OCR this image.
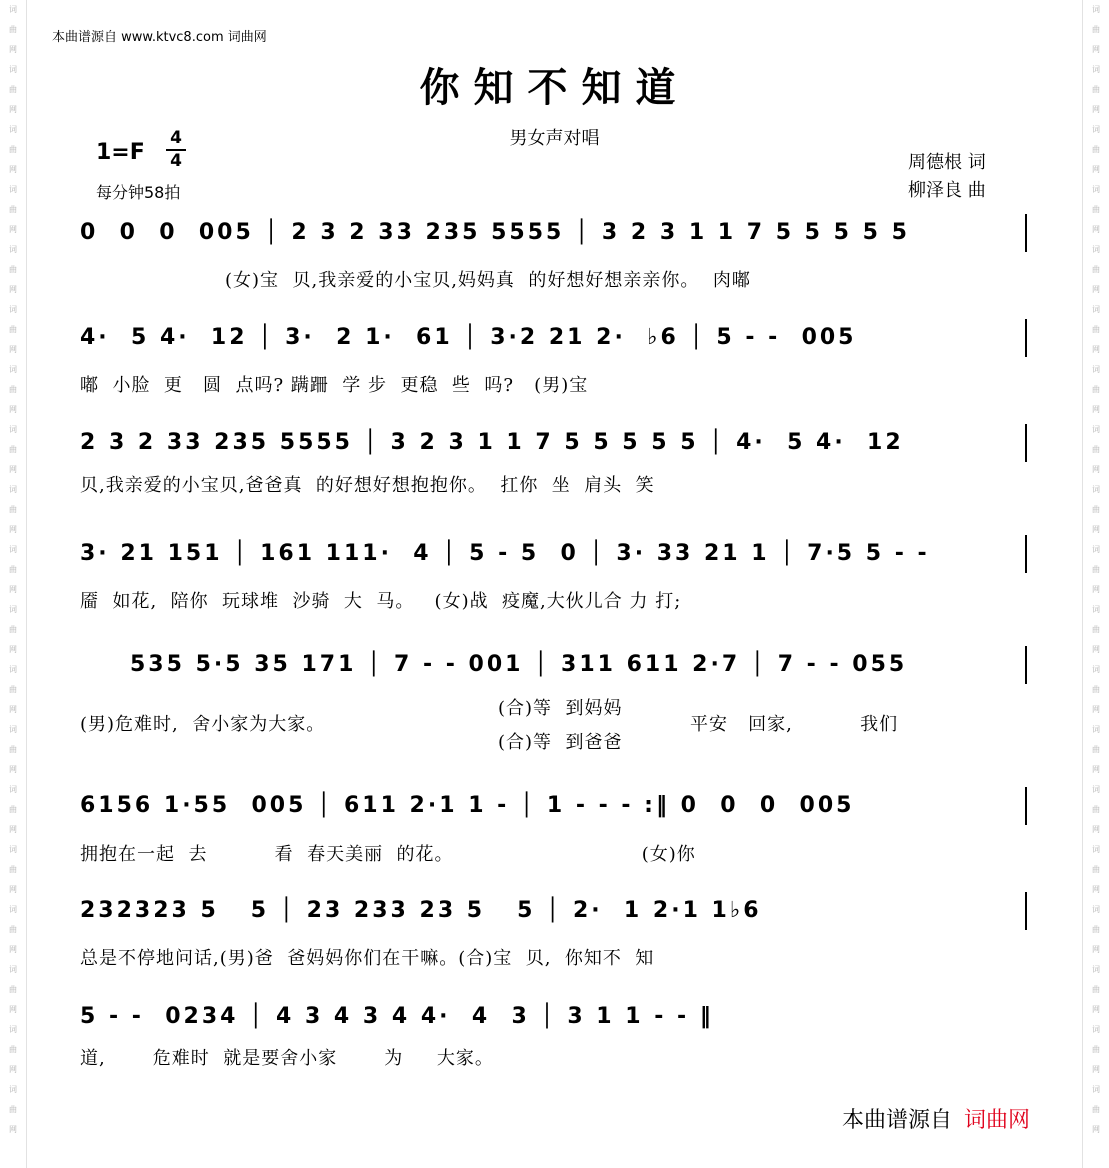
词
曲
网
词
曲
网
词
曲
网
词
曲
网
词
曲
网
词
曲
网
词
曲
网
词
曲
网
词
曲
网
词
曲
网
词
曲
网
词
曲
网
词
曲
网
词
曲
网
词
曲
网
词
曲
网
词
曲
网
词
曲
网
词
曲
网
词
曲
网
词
曲
网
词
曲
网
词
曲
网
词
曲
网
词
曲
网
词
曲
网
词
曲
网
词
曲
网
词
曲
网
词
曲
网
词
曲
网
词
曲
网
词
曲
网
词
曲
网
词
曲
网
词
曲
网
词
曲
网
词
曲
网
本曲谱源自 www.ktvc8.com 词曲网
你知不知道
男女声对唱
1=F
4
4
每分钟58拍
周德根 词
柳泽良 曲
0  0  0  005 │ 2 3 2 33 235 5555 │ 3 2 3 1 1 7 5 5 5 5 5
(女)宝  贝,我亲爱的小宝贝,妈妈真  的好想好想亲亲你。  肉嘟
4·  5 4·  12 │ 3·  2 1·  61 │ 3·2 21 2·  ♭6 │ 5 - -  005
嘟  小脸  更   圆  点吗? 蹒跚  学 步  更稳  些  吗?   (男)宝
2 3 2 33 235 5555 │ 3 2 3 1 1 7 5 5 5 5 5 │ 4·  5 4·  12
贝,我亲爱的小宝贝,爸爸真  的好想好想抱抱你。  扛你  坐  肩头  笑
3· 21 151 │ 161 111·  4 │ 5 - 5  0 │ 3· 33 21 1 │ 7·5 5 - -
靥  如花,  陪你  玩球堆  沙骑  大  马。   (女)战  疫魔,大伙儿合 力 打;
535 5·5 35 171 │ 7 - - 001 │ 311 611 2·7 │ 7 - - 055
(男)危难时,  舍小家为大家。
(合)等  到妈妈
(合)等  到爸爸
平安   回家,          我们
6156 1·55  005 │ 611 2·1 1 - │ 1 - - - :‖ 0  0  0  005
拥抱在一起  去          看  春天美丽  的花。                            (女)你
232323 5   5 │ 23 233 23 5   5 │ 2·  1 2·1 1♭6
总是不停地问话,(男)爸  爸妈妈你们在干嘛。(合)宝  贝,  你知不  知
5 - -  0234 │ 4 3 4 3 4 4·  4  3 │ 3 1 1 - - ‖
道,       危难时  就是要舍小家       为     大家。
本曲谱源自 词曲网
